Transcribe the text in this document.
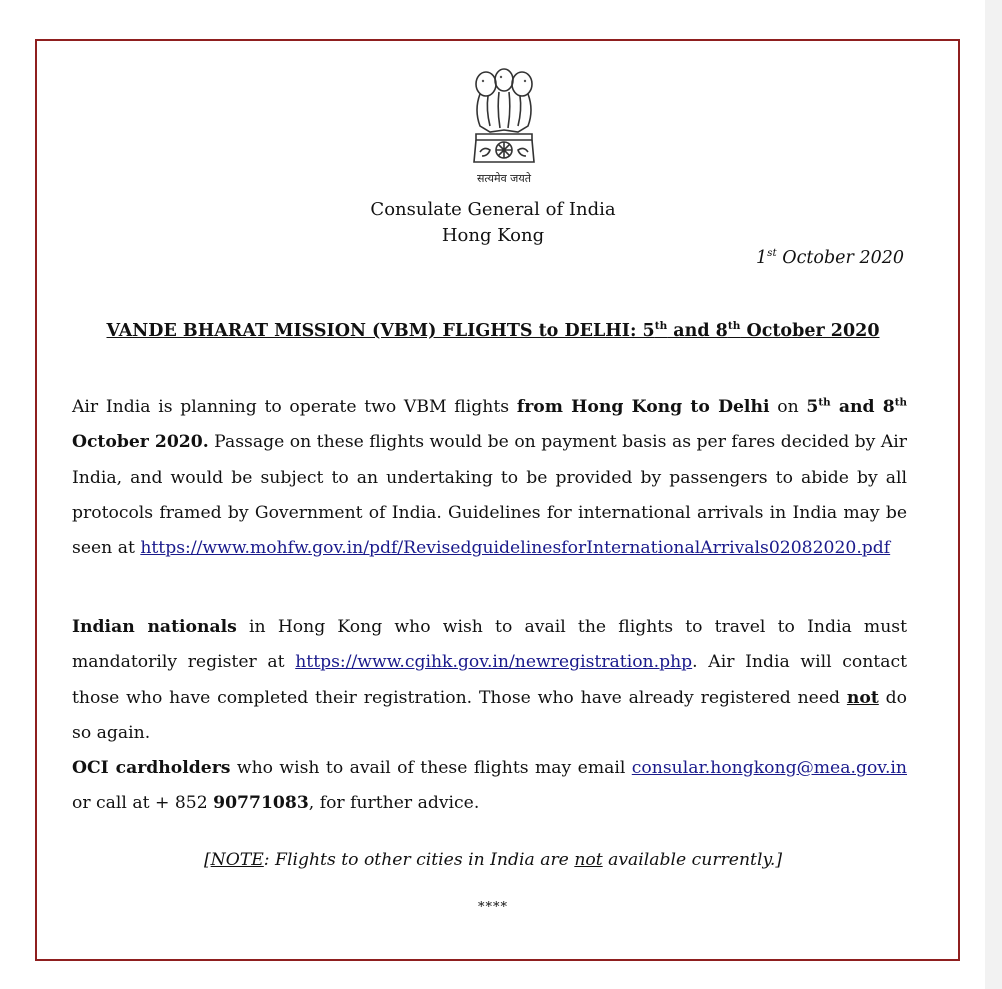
सत्यमेव जयते
Consulate General of India
Hong Kong
1st October 2020
VANDE BHARAT MISSION (VBM) FLIGHTS to DELHI: 5th and 8th October 2020

Air India is planning to operate two VBM flights from Hong Kong to Delhi on 5th and 8th October 2020. Passage on these flights would be on payment basis as per fares decided by Air India, and would be subject to an undertaking to be provided by passengers to abide by all protocols framed by Government of India. Guidelines for international arrivals in India may be seen at https://www.mohfw.gov.in/pdf/RevisedguidelinesforInternationalArrivals02082020.pdf

Indian nationals in Hong Kong who wish to avail the flights to travel to India must mandatorily register at https://www.cgihk.gov.in/newregistration.php. Air India will contact those who have completed their registration. Those who have already registered need not do so again.

OCI cardholders who wish to avail of these flights may email consular.hongkong@mea.gov.in or call at + 852 90771083, for further advice.

[NOTE: Flights to other cities in India are not available currently.]
****
